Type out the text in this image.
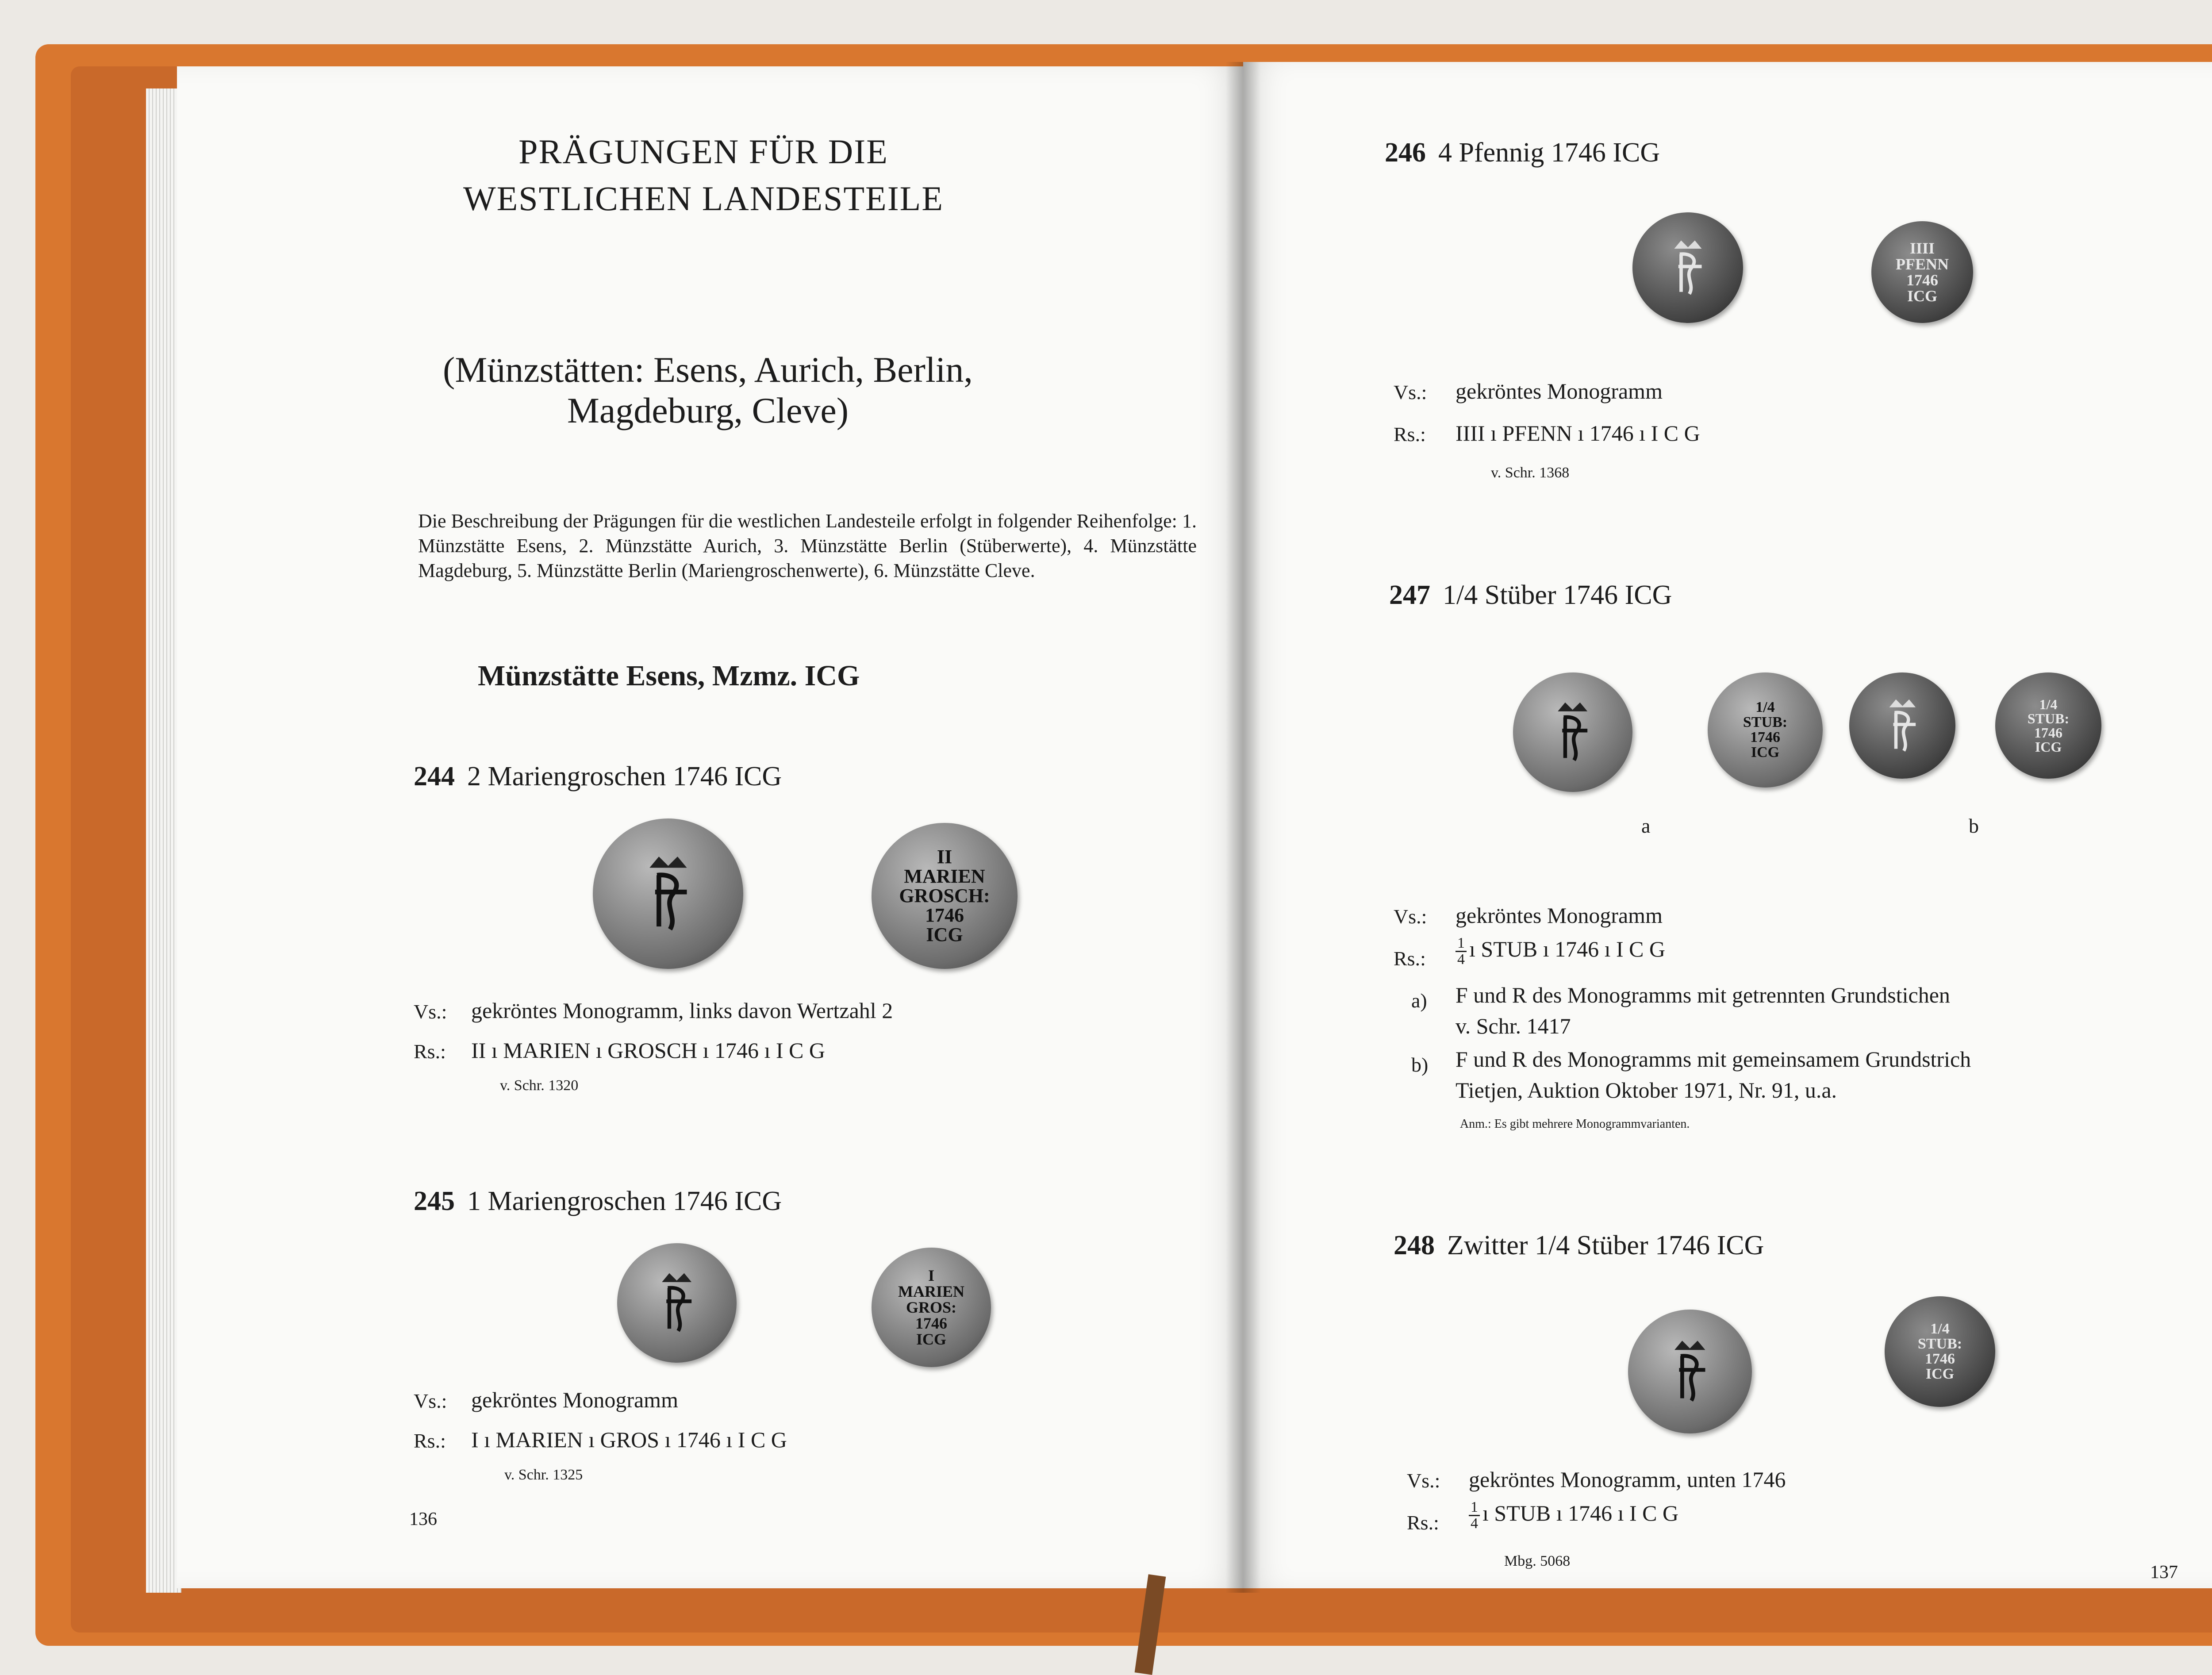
PRÄGUNGEN FÜR DIE WESTLICHEN LANDESTEILE
(Münzstätten: Esens, Aurich, Berlin, Magdeburg, Cleve)
Die Beschreibung der Prägungen für die westlichen Landesteile erfolgt in folgender Reihenfolge: 1. Münzstätte Esens, 2. Münzstätte Aurich, 3. Münzstätte Berlin (Stüberwerte), 4. Münzstätte Magdeburg, 5. Münzstätte Berlin (Mariengroschenwerte), 6. Münzstätte Cleve.
Münzstätte Esens, Mzmz. ICG
244 2 Mariengroschen 1746 ICG
II
MARIEN
GROSCH:
1746
ICG
Vs.: gekröntes Monogramm, links davon Wertzahl 2
Rs.: II ı MARIEN ı GROSCH ı 1746 ı I C G
v. Schr. 1320
245 1 Mariengroschen 1746 ICG
I
MARIEN
GROS:
1746
ICG
Vs.: gekröntes Monogramm
Rs.: I ı MARIEN ı GROS ı 1746 ı I C G
v. Schr. 1325
136
246 4 Pfennig 1746 ICG
IIII
PFENN
1746
ICG
Vs.: gekröntes Monogramm
Rs.: IIII ı PFENN ı 1746 ı I C G
v. Schr. 1368
247 1/4 Stüber 1746 ICG
1/4
STUB:
1746
ICG
a
1/4
STUB:
1746
ICG
b
Vs.: gekröntes Monogramm
Rs.: $\frac{1}{4}$ ı STUB ı 1746 ı I C G
a) F und R des Monogramms mit getrennten Grundstichen
v. Schr. 1417
b) F und R des Monogramms mit gemeinsamem Grundstrich
Tietjen, Auktion Oktober 1971, Nr. 91, u.a.
Anm.: Es gibt mehrere Monogrammvarianten.
248 Zwitter 1/4 Stüber 1746 ICG
1/4
STUB:
1746
ICG
Vs.: gekröntes Monogramm, unten 1746
Rs.: $\frac{1}{4}$ ı STUB ı 1746 ı I C G
Mbg. 5068
137
